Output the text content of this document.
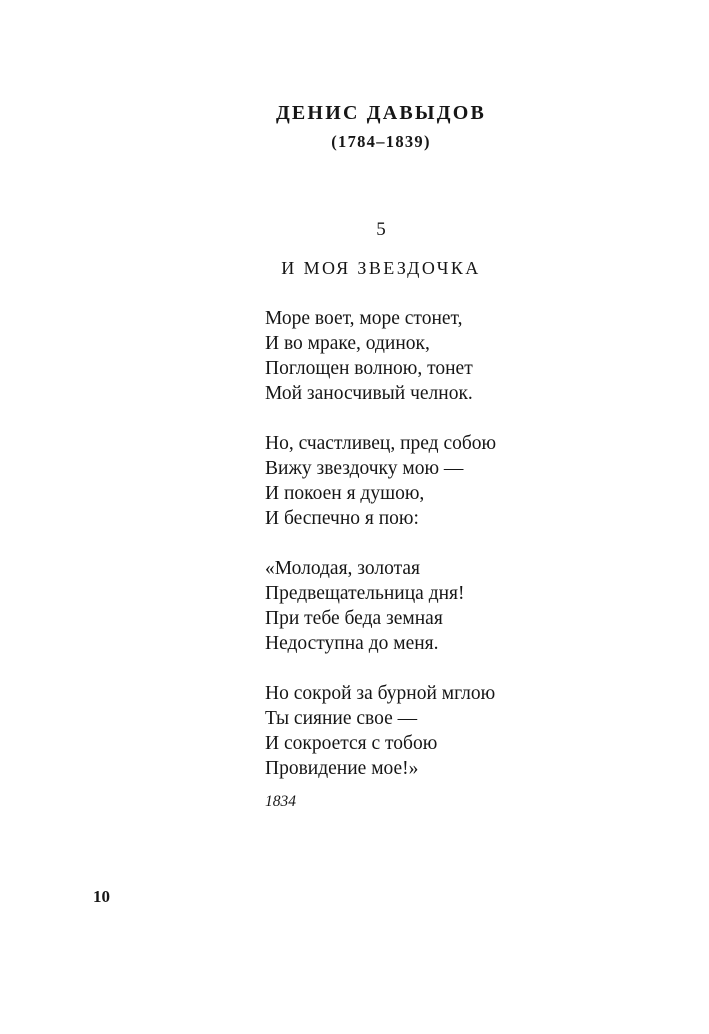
ДЕНИС ДАВЫДОВ
(1784–1839)
5
И МОЯ ЗВЕЗДОЧКА
Море воет, море стонет,
И во мраке, одинок,
Поглощен волною, тонет
Мой заносчивый челнок.
Но, счастливец, пред собою
Вижу звездочку мою —
И покоен я душою,
И беспечно я пою:
«Молодая, золотая
Предвещательница дня!
При тебе беда земная
Недоступна до меня.
Но сокрой за бурной мглою
Ты сияние свое —
И сокроется с тобою
Провидение мое!»
1834
10
